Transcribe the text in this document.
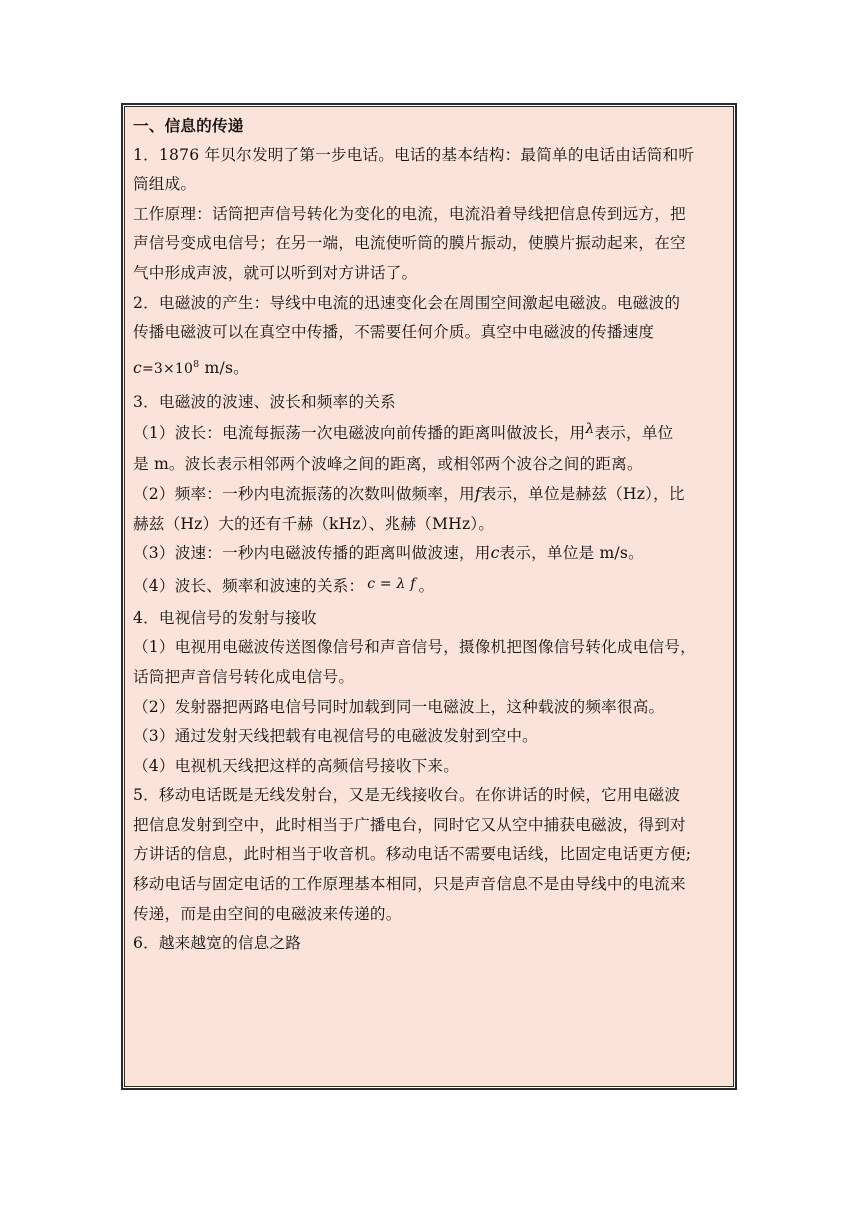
一、信息的传递
1．1876 年贝尔发明了第一步电话。电话的基本结构：最简单的电话由话筒和听
筒组成。
工作原理：话筒把声信号转化为变化的电流，电流沿着导线把信息传到远方，把
声信号变成电信号；在另一端，电流使听筒的膜片振动，使膜片振动起来，在空
气中形成声波，就可以听到对方讲话了。
2．电磁波的产生：导线中电流的迅速变化会在周围空间激起电磁波。电磁波的
传播电磁波可以在真空中传播，不需要任何介质。真空中电磁波的传播速度
$c=3\times 10^8$ m/s。
3．电磁波的波速、波长和频率的关系
（1）波长：电流每振荡一次电磁波向前传播的距离叫做波长，用λ表示，单位
是 m。波长表示相邻两个波峰之间的距离，或相邻两个波谷之间的距离。
（2）频率：一秒内电流振荡的次数叫做频率，用f表示，单位是赫兹（Hz），比
赫兹（Hz）大的还有千赫（kHz）、兆赫（MHz）。
（3）波速：一秒内电磁波传播的距离叫做波速，用c表示，单位是 m/s。
（4）波长、频率和波速的关系： c = λ f 。
4．电视信号的发射与接收
（1）电视用电磁波传送图像信号和声音信号，摄像机把图像信号转化成电信号，
话筒把声音信号转化成电信号。
（2）发射器把两路电信号同时加载到同一电磁波上，这种载波的频率很高。
（3）通过发射天线把载有电视信号的电磁波发射到空中。
（4）电视机天线把这样的高频信号接收下来。
5．移动电话既是无线发射台，又是无线接收台。在你讲话的时候，它用电磁波
把信息发射到空中，此时相当于广播电台，同时它又从空中捕获电磁波，得到对
方讲话的信息，此时相当于收音机。移动电话不需要电话线，比固定电话更方便;
移动电话与固定电话的工作原理基本相同，只是声音信息不是由导线中的电流来
传递，而是由空间的电磁波来传递的。
6．越来越宽的信息之路
